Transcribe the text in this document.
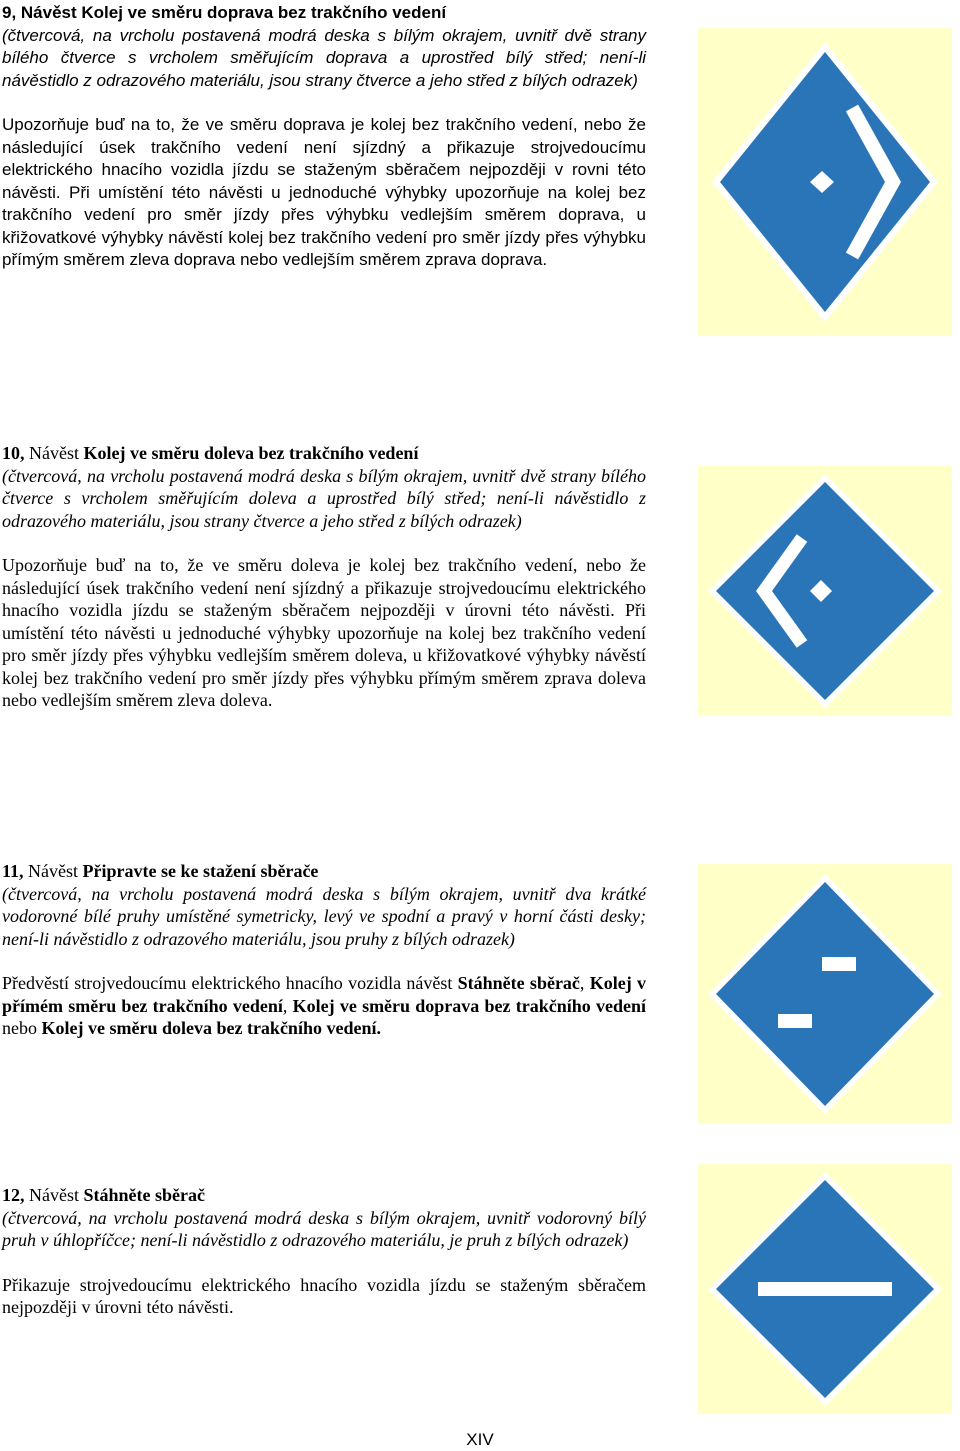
9, Návěst Kolej ve směru doprava bez trakčního vedení

(čtvercová, na vrcholu postavená modrá deska s bílým okrajem, uvnitř dvě strany bílého čtverce s vrcholem směřujícím doprava a uprostřed bílý střed; není-li návěstidlo z odrazového materiálu, jsou strany čtverce a jeho střed z bílých odrazek)

Upozorňuje buď na to, že ve směru doprava je kolej bez trakčního vedení, nebo že následující úsek trakčního vedení není sjízdný a přikazuje strojvedoucímu elektrického hnacího vozidla jízdu se staženým sběračem nejpozději v rovni této návěsti. Při umístění této návěsti u jednoduché výhybky upozorňuje na kolej bez trakčního vedení pro směr jízdy přes výhybku vedlejším směrem doprava, u křižovatkové výhybky návěstí kolej bez trakčního vedení pro směr jízdy přes výhybku přímým směrem zleva doprava nebo vedlejším směrem zprava doprava.

10, Návěst Kolej ve směru doleva bez trakčního vedení

(čtvercová, na vrcholu postavená modrá deska s bílým okrajem, uvnitř dvě strany bílého čtverce s vrcholem směřujícím doleva a uprostřed bílý střed; není-li návěstidlo z odrazového materiálu, jsou strany čtverce a jeho střed z bílých odrazek)

Upozorňuje buď na to, že ve směru doleva je kolej bez trakčního vedení, nebo že následující úsek trakčního vedení není sjízdný a přikazuje strojvedoucímu elektrického hnacího vozidla jízdu se staženým sběračem nejpozději v úrovni této návěsti. Při umístění této návěsti u jednoduché výhybky upozorňuje na kolej bez trakčního vedení pro směr jízdy přes výhybku vedlejším směrem doleva, u křižovatkové výhybky návěstí kolej bez trakčního vedení pro směr jízdy přes výhybku přímým směrem zprava doleva nebo vedlejším směrem zleva doleva.

11, Návěst Připravte se ke stažení sběrače

(čtvercová, na vrcholu postavená modrá deska s bílým okrajem, uvnitř dva krátké vodorovné bílé pruhy umístěné symetricky, levý ve spodní a pravý v horní části desky; není-li návěstidlo z odrazového materiálu, jsou pruhy z bílých odrazek)

Předvěstí strojvedoucímu elektrického hnacího vozidla návěst Stáhněte sběrač, Kolej v přímém směru bez trakčního vedení, Kolej ve směru doprava bez trakčního vedení nebo Kolej ve směru doleva bez trakčního vedení.

12, Návěst Stáhněte sběrač

(čtvercová, na vrcholu postavená modrá deska s bílým okrajem, uvnitř vodorovný bílý pruh v úhlopříčce; není-li návěstidlo z odrazového materiálu, je pruh z bílých odrazek)

Přikazuje strojvedoucímu elektrického hnacího vozidla jízdu se staženým sběračem nejpozději v úrovni této návěsti.

XIV
